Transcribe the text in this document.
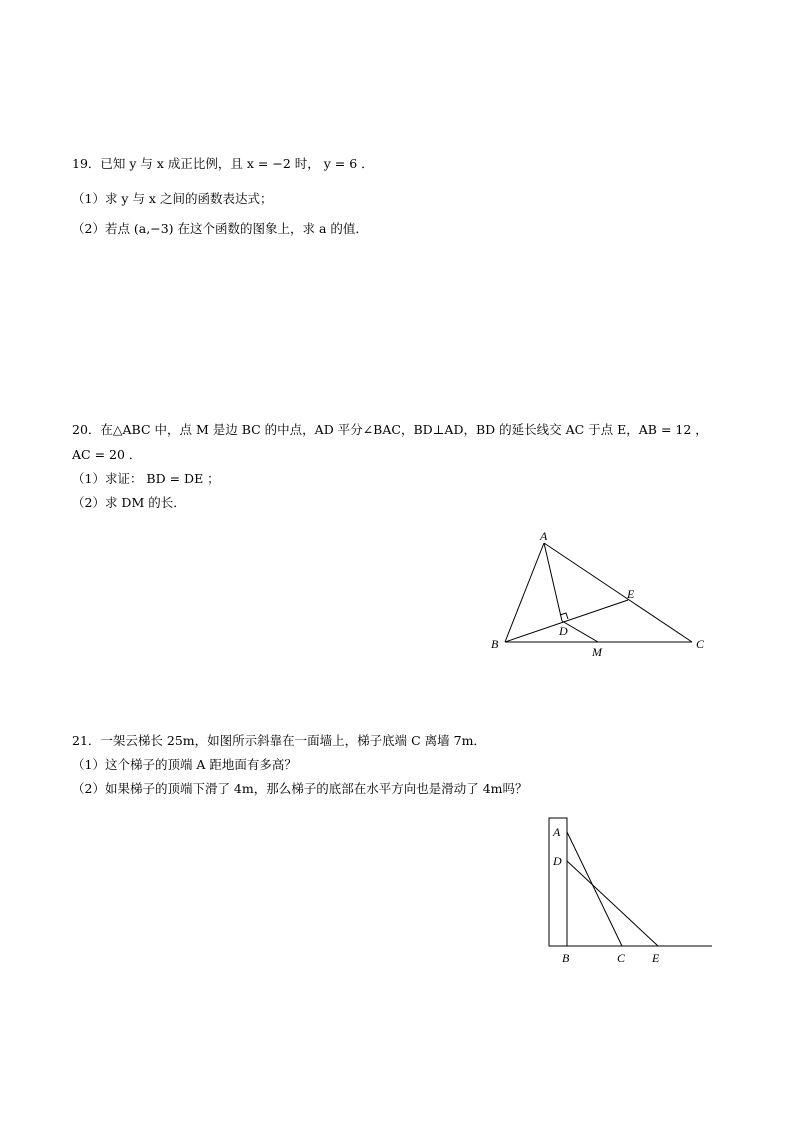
19．已知 y 与 x 成正比例，且 x = −2 时， y = 6 ．
（1）求 y 与 x 之间的函数表达式；
（2）若点 (a,−3) 在这个函数的图象上，求 a 的值．
20．在△ABC 中，点 M 是边 BC 的中点，AD 平分∠BAC，BD⊥AD，BD 的延长线交 AC 于点 E，AB = 12 ，
AC = 20 ．
（1）求证： BD = DE ；
（2）求 DM 的长．
A
B	C
D
E
M
21．一架云梯长 25m，如图所示斜靠在一面墙上，梯子底端 C 离墙 7m．
（1）这个梯子的顶端 A 距地面有多高？
（2）如果梯子的顶端下滑了 4m，那么梯子的底部在水平方向也是滑动了 4m吗？
A
D
B	C E
